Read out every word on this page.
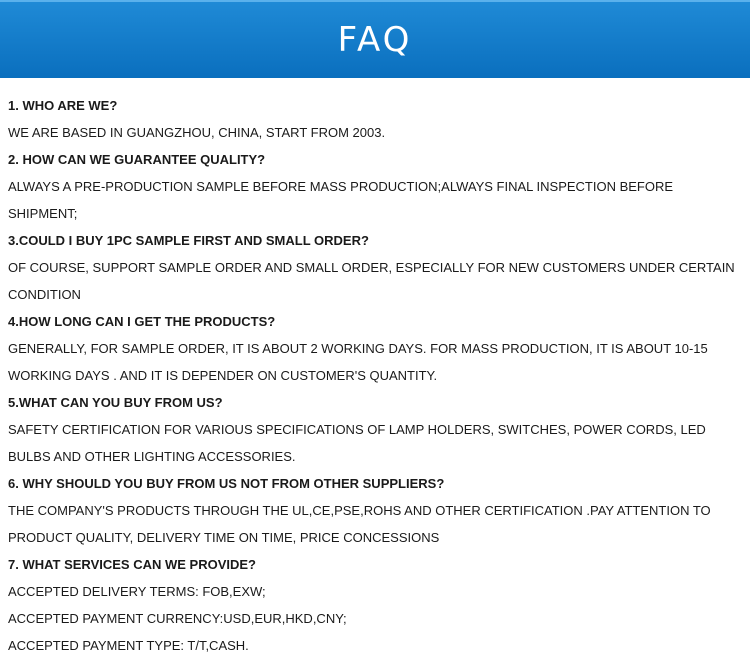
FAQ

1. WHO ARE WE?

WE ARE BASED IN GUANGZHOU, CHINA, START FROM 2003.

2. HOW CAN WE GUARANTEE QUALITY?

ALWAYS A PRE-PRODUCTION SAMPLE BEFORE MASS PRODUCTION;ALWAYS FINAL INSPECTION BEFORE SHIPMENT;

3.COULD I BUY 1PC SAMPLE FIRST AND SMALL ORDER?

OF COURSE, SUPPORT SAMPLE ORDER AND SMALL ORDER, ESPECIALLY FOR NEW CUSTOMERS UNDER CERTAIN CONDITION

4.HOW LONG CAN I GET THE PRODUCTS?

GENERALLY, FOR SAMPLE ORDER, IT IS ABOUT 2 WORKING DAYS. FOR MASS PRODUCTION, IT IS ABOUT 10-15 WORKING DAYS . AND IT IS DEPENDER ON CUSTOMER'S QUANTITY.

5.WHAT CAN YOU BUY FROM US?

SAFETY CERTIFICATION FOR VARIOUS SPECIFICATIONS OF LAMP HOLDERS, SWITCHES, POWER CORDS, LED BULBS AND OTHER LIGHTING ACCESSORIES.

6. WHY SHOULD YOU BUY FROM US NOT FROM OTHER SUPPLIERS?

THE COMPANY'S PRODUCTS THROUGH THE UL,CE,PSE,ROHS AND OTHER CERTIFICATION .PAY ATTENTION TO PRODUCT QUALITY, DELIVERY TIME ON TIME, PRICE CONCESSIONS

7. WHAT SERVICES CAN WE PROVIDE?

ACCEPTED DELIVERY TERMS: FOB,EXW;

ACCEPTED PAYMENT CURRENCY:USD,EUR,HKD,CNY;

ACCEPTED PAYMENT TYPE: T/T,CASH.
